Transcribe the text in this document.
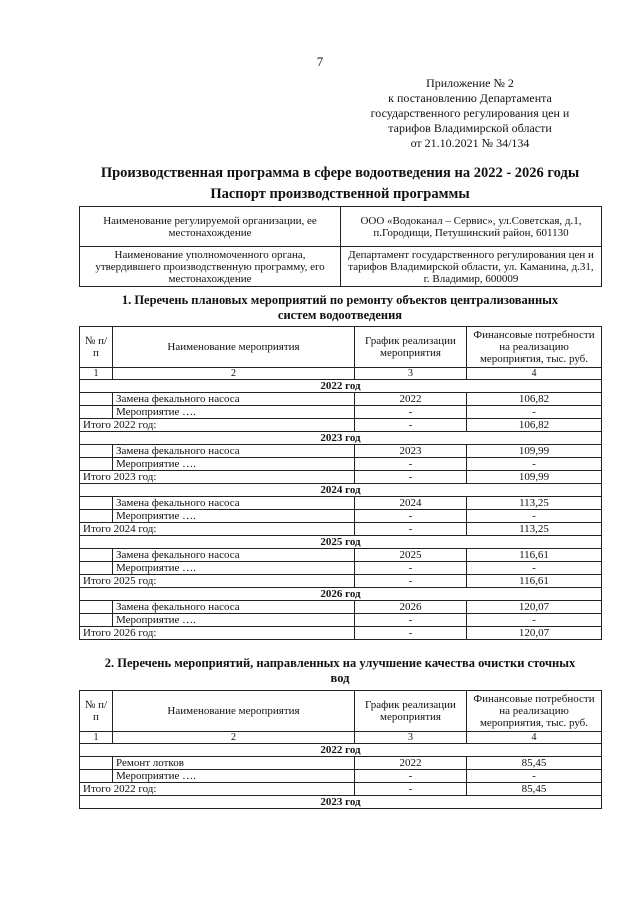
7
Приложение № 2
к постановлению Департамента
государственного регулирования цен и
тарифов Владимирской области
от 21.10.2021 № 34/134
Производственная программа в сфере водоотведения на 2022 - 2026 годы
Паспорт производственной программы
Наименование регулируемой организации, ее местонахождение	ООО «Водоканал – Сервис», ул.Советская, д.1, п.Городищи, Петушинский район, 601130
Наименование уполномоченного органа, утвердившего производственную программу, его местонахождение	Департамент государственного регулирования цен и тарифов Владимирской области, ул. Каманина, д.31, г. Владимир, 600009
1. Перечень плановых мероприятий по ремонту объектов централизованных
систем водоотведения
№ п/п	Наименование мероприятия	График реализации мероприятия	Финансовые потребности на реализацию мероприятия, тыс. руб.
1	2	3	4
2022 год			
	Замена фекального насоса	2022	106,82
	Мероприятие ….	-	-
Итого 2022 год:		-	106,82
2023 год			
	Замена фекального насоса	2023	109,99
	Мероприятие ….	-	-
Итого 2023 год:		-	109,99
2024 год			
	Замена фекального насоса	2024	113,25
	Мероприятие ….	-	-
Итого 2024 год:		-	113,25
2025 год			
	Замена фекального насоса	2025	116,61
	Мероприятие ….	-	-
Итого 2025 год:		-	116,61
2026 год			
	Замена фекального насоса	2026	120,07
	Мероприятие ….	-	-
Итого 2026 год:		-	120,07
2. Перечень мероприятий, направленных на улучшение качества очистки сточных
вод
№ п/п	Наименование мероприятия	График реализации мероприятия	Финансовые потребности на реализацию мероприятия, тыс. руб.
1	2	3	4
2022 год			
	Ремонт лотков	2022	85,45
	Мероприятие ….	-	-
Итого 2022 год:		-	85,45
2023 год			
